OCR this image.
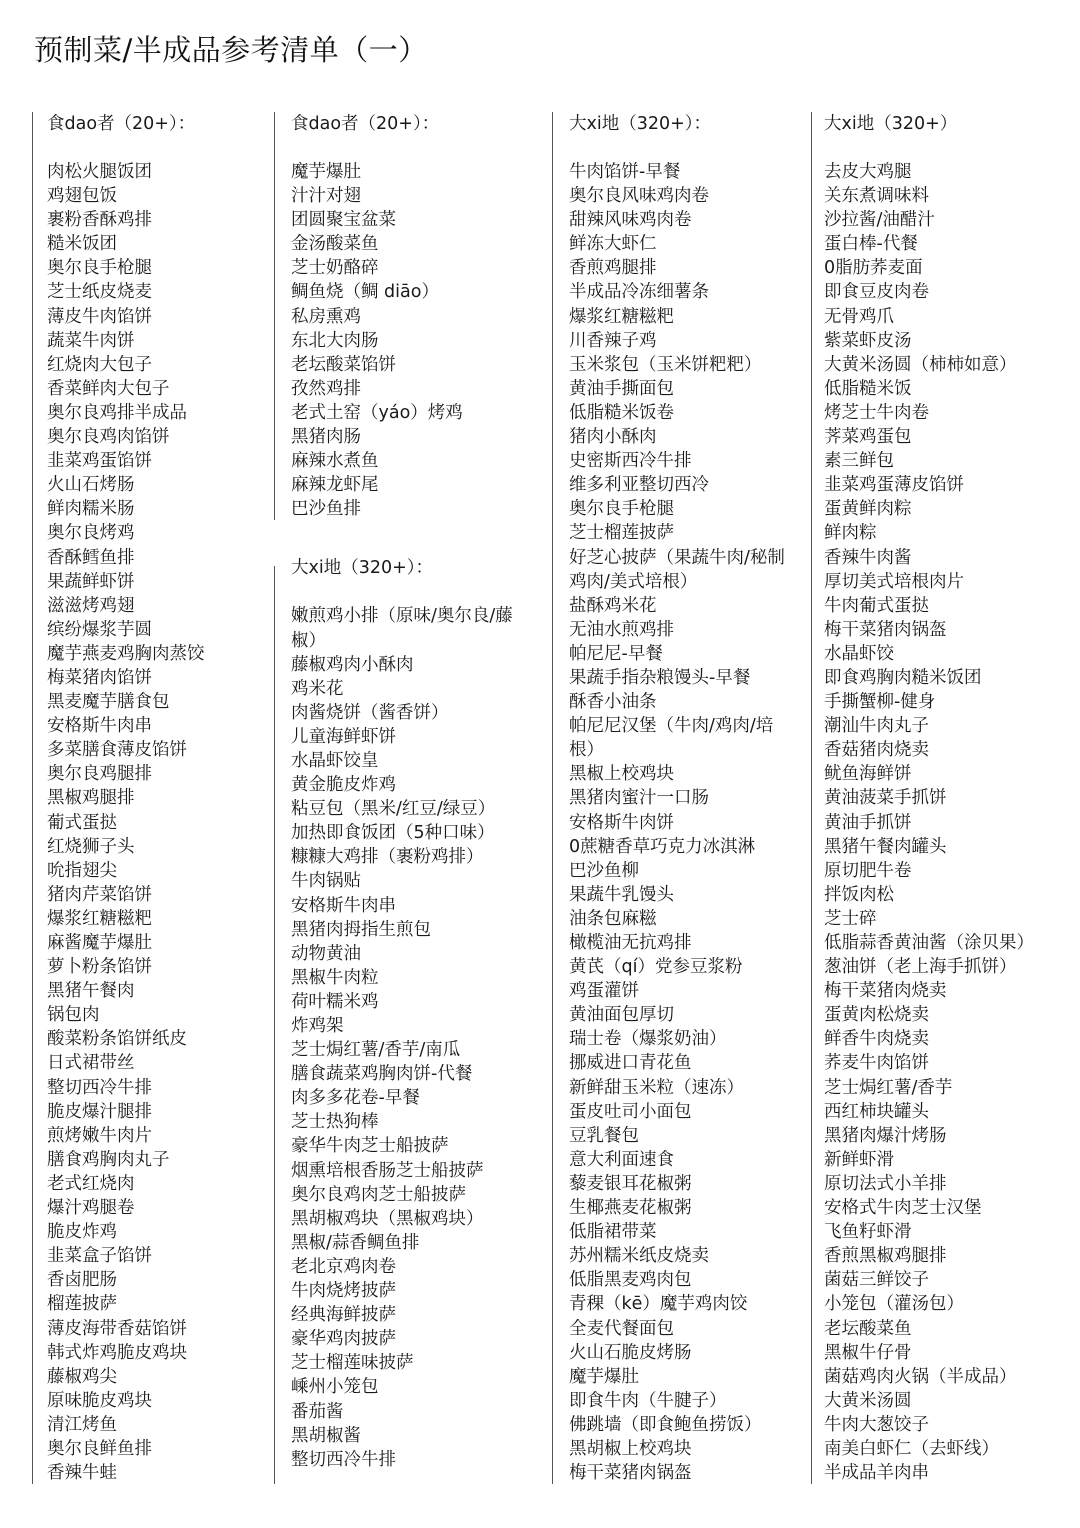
预制菜/半成品参考清单（一）
食dao者（20+）：
肉松火腿饭团
鸡翅包饭
裹粉香酥鸡排
糙米饭团
奥尔良手枪腿
芝士纸皮烧麦
薄皮牛肉馅饼
蔬菜牛肉饼
红烧肉大包子
香菜鲜肉大包子
奥尔良鸡排半成品
奥尔良鸡肉馅饼
韭菜鸡蛋馅饼
火山石烤肠
鲜肉糯米肠
奥尔良烤鸡
香酥鳕鱼排
果蔬鲜虾饼
滋滋烤鸡翅
缤纷爆浆芋圆
魔芋燕麦鸡胸肉蒸饺
梅菜猪肉馅饼
黑麦魔芋膳食包
安格斯牛肉串
多菜膳食薄皮馅饼
奥尔良鸡腿排
黑椒鸡腿排
葡式蛋挞
红烧狮子头
吮指翅尖
猪肉芹菜馅饼
爆浆红糖糍粑
麻酱魔芋爆肚
萝卜粉条馅饼
黑猪午餐肉
锅包肉
酸菜粉条馅饼纸皮
日式裙带丝
整切西冷牛排
脆皮爆汁腿排
煎烤嫩牛肉片
膳食鸡胸肉丸子
老式红烧肉
爆汁鸡腿卷
脆皮炸鸡
韭菜盒子馅饼
香卤肥肠
榴莲披萨
薄皮海带香菇馅饼
韩式炸鸡脆皮鸡块
藤椒鸡尖
原味脆皮鸡块
清江烤鱼
奥尔良鲜鱼排
香辣牛蛙
食dao者（20+）：
魔芋爆肚
汁汁对翅
团圆聚宝盆菜
金汤酸菜鱼
芝士奶酪碎
鲷鱼烧（鲷 diāo）
私房熏鸡
东北大肉肠
老坛酸菜馅饼
孜然鸡排
老式土窑（yáo）烤鸡
黑猪肉肠
麻辣水煮鱼
麻辣龙虾尾
巴沙鱼排
大xi地（320+）：
嫩煎鸡小排（原味/奥尔良/藤椒）
藤椒鸡肉小酥肉
鸡米花
肉酱烧饼（酱香饼）
儿童海鲜虾饼
水晶虾饺皇
黄金脆皮炸鸡
粘豆包（黑米/红豆/绿豆）
加热即食饭团（5种口味）
糠糠大鸡排（裹粉鸡排）
牛肉锅贴
安格斯牛肉串
黑猪肉拇指生煎包
动物黄油
黑椒牛肉粒
荷叶糯米鸡
炸鸡架
芝士焗红薯/香芋/南瓜
膳食蔬菜鸡胸肉饼-代餐
肉多多花卷-早餐
芝士热狗棒
豪华牛肉芝士船披萨
烟熏培根香肠芝士船披萨
奥尔良鸡肉芝士船披萨
黑胡椒鸡块（黑椒鸡块）
黑椒/蒜香鲷鱼排
老北京鸡肉卷
牛肉烧烤披萨
经典海鲜披萨
豪华鸡肉披萨
芝士榴莲味披萨
嵊州小笼包
番茄酱
黑胡椒酱
整切西冷牛排
大xi地（320+）：
牛肉馅饼-早餐
奥尔良风味鸡肉卷
甜辣风味鸡肉卷
鲜冻大虾仁
香煎鸡腿排
半成品冷冻细薯条
爆浆红糖糍粑
川香辣子鸡
玉米浆包（玉米饼粑粑）
黄油手撕面包
低脂糙米饭卷
猪肉小酥肉
史密斯西冷牛排
维多利亚整切西冷
奥尔良手枪腿
芝士榴莲披萨
好芝心披萨（果蔬牛肉/秘制鸡肉/美式培根）
盐酥鸡米花
无油水煎鸡排
帕尼尼-早餐
果蔬手指杂粮馒头-早餐
酥香小油条
帕尼尼汉堡（牛肉/鸡肉/培根）
黑椒上校鸡块
黑猪肉蜜汁一口肠
安格斯牛肉饼
0蔗糖香草巧克力冰淇淋
巴沙鱼柳
果蔬牛乳馒头
油条包麻糍
橄榄油无抗鸡排
黄芪（qí）党参豆浆粉
鸡蛋灌饼
黄油面包厚切
瑞士卷（爆浆奶油）
挪威进口青花鱼
新鲜甜玉米粒（速冻）
蛋皮吐司小面包
豆乳餐包
意大利面速食
藜麦银耳花椒粥
生椰燕麦花椒粥
低脂裙带菜
苏州糯米纸皮烧卖
低脂黑麦鸡肉包
青稞（kē）魔芋鸡肉饺
全麦代餐面包
火山石脆皮烤肠
魔芋爆肚
即食牛肉（牛腱子）
佛跳墙（即食鲍鱼捞饭）
黑胡椒上校鸡块
梅干菜猪肉锅盔
大xi地（320+）
去皮大鸡腿
关东煮调味料
沙拉酱/油醋汁
蛋白棒-代餐
0脂肪荞麦面
即食豆皮肉卷
无骨鸡爪
紫菜虾皮汤
大黄米汤圆（柿柿如意）
低脂糙米饭
烤芝士牛肉卷
荠菜鸡蛋包
素三鲜包
韭菜鸡蛋薄皮馅饼
蛋黄鲜肉粽
鲜肉粽
香辣牛肉酱
厚切美式培根肉片
牛肉葡式蛋挞
梅干菜猪肉锅盔
水晶虾饺
即食鸡胸肉糙米饭团
手撕蟹柳-健身
潮汕牛肉丸子
香菇猪肉烧卖
鱿鱼海鲜饼
黄油菠菜手抓饼
黄油手抓饼
黑猪午餐肉罐头
原切肥牛卷
拌饭肉松
芝士碎
低脂蒜香黄油酱（涂贝果）
葱油饼（老上海手抓饼）
梅干菜猪肉烧卖
蛋黄肉松烧卖
鲜香牛肉烧卖
荞麦牛肉馅饼
芝士焗红薯/香芋
西红柿块罐头
黑猪肉爆汁烤肠
新鲜虾滑
原切法式小羊排
安格式牛肉芝士汉堡
飞鱼籽虾滑
香煎黑椒鸡腿排
菌菇三鲜饺子
小笼包（灌汤包）
老坛酸菜鱼
黑椒牛仔骨
菌菇鸡肉火锅（半成品）
大黄米汤圆
牛肉大葱饺子
南美白虾仁（去虾线）
半成品羊肉串
